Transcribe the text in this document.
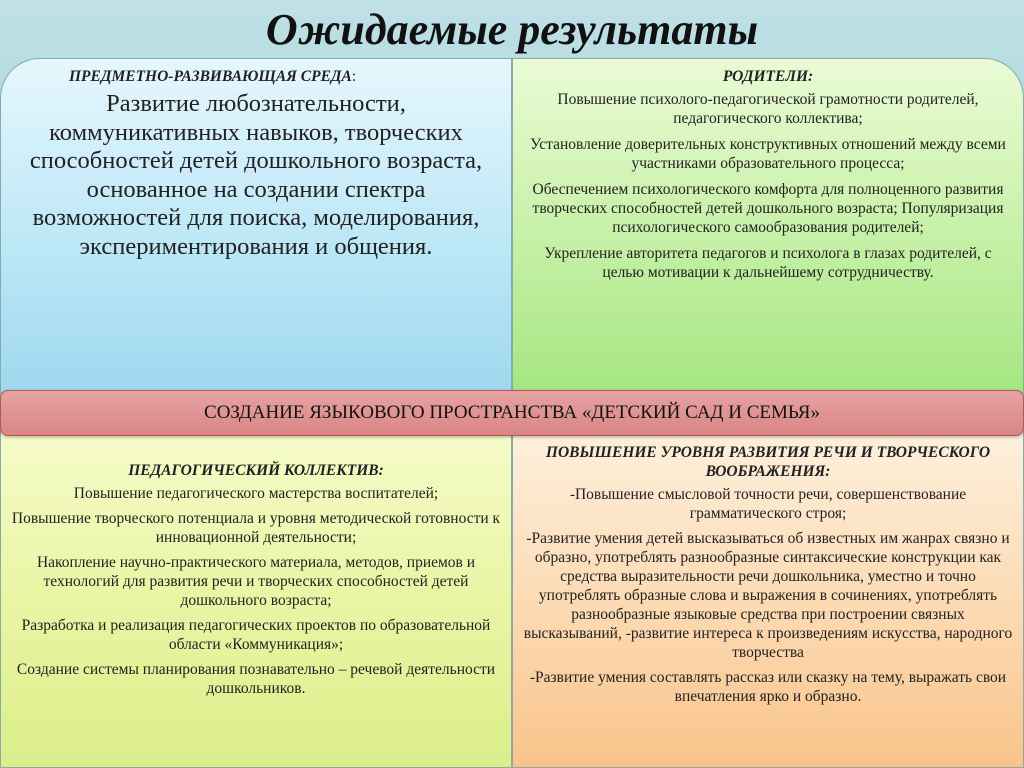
Ожидаемые результаты

ПРЕДМЕТНО-РАЗВИВАЮЩАЯ СРЕДА:

Развитие любознательности, коммуникативных навыков, творческих способностей детей дошкольного возраста, основанное на создании спектра возможностей для поиска, моделирования, экспериментирования и общения.

РОДИТЕЛИ:

Повышение психолого-педагогической грамотности родителей, педагогического коллектива;

Установление доверительных конструктивных отношений между всеми участниками образовательного процесса;

Обеспечением психологического комфорта для полноценного развития творческих способностей детей дошкольного возраста; Популяризация психологического самообразования родителей;

Укрепление авторитета педагогов и психолога в глазах родителей, с целью мотивации к дальнейшему сотрудничеству.

ПЕДАГОГИЧЕСКИЙ КОЛЛЕКТИВ:

Повышение педагогического мастерства воспитателей;

Повышение творческого потенциала и уровня методической готовности к инновационной деятельности;

Накопление научно-практического материала, методов, приемов и технологий для развития речи и творческих способностей детей дошкольного возраста;

Разработка и реализация педагогических проектов по образовательной области «Коммуникация»;

Создание системы планирования познавательно – речевой деятельности дошкольников.

ПОВЫШЕНИЕ УРОВНЯ РАЗВИТИЯ РЕЧИ И ТВОРЧЕСКОГО ВООБРАЖЕНИЯ:

-Повышение смысловой точности речи, совершенствование грамматического строя;

-Развитие умения детей высказываться об известных им жанрах связно и образно, употреблять разнообразные синтаксические конструкции как средства выразительности речи дошкольника, уместно и точно употреблять образные слова и выражения в сочинениях, употреблять разнообразные языковые средства при построении связных высказываний, -развитие интереса к произведениям искусства, народного творчества

-Развитие умения составлять рассказ или сказку на тему, выражать свои впечатления ярко и образно.

СОЗДАНИЕ ЯЗЫКОВОГО ПРОСТРАНСТВА «ДЕТСКИЙ САД И СЕМЬЯ»
